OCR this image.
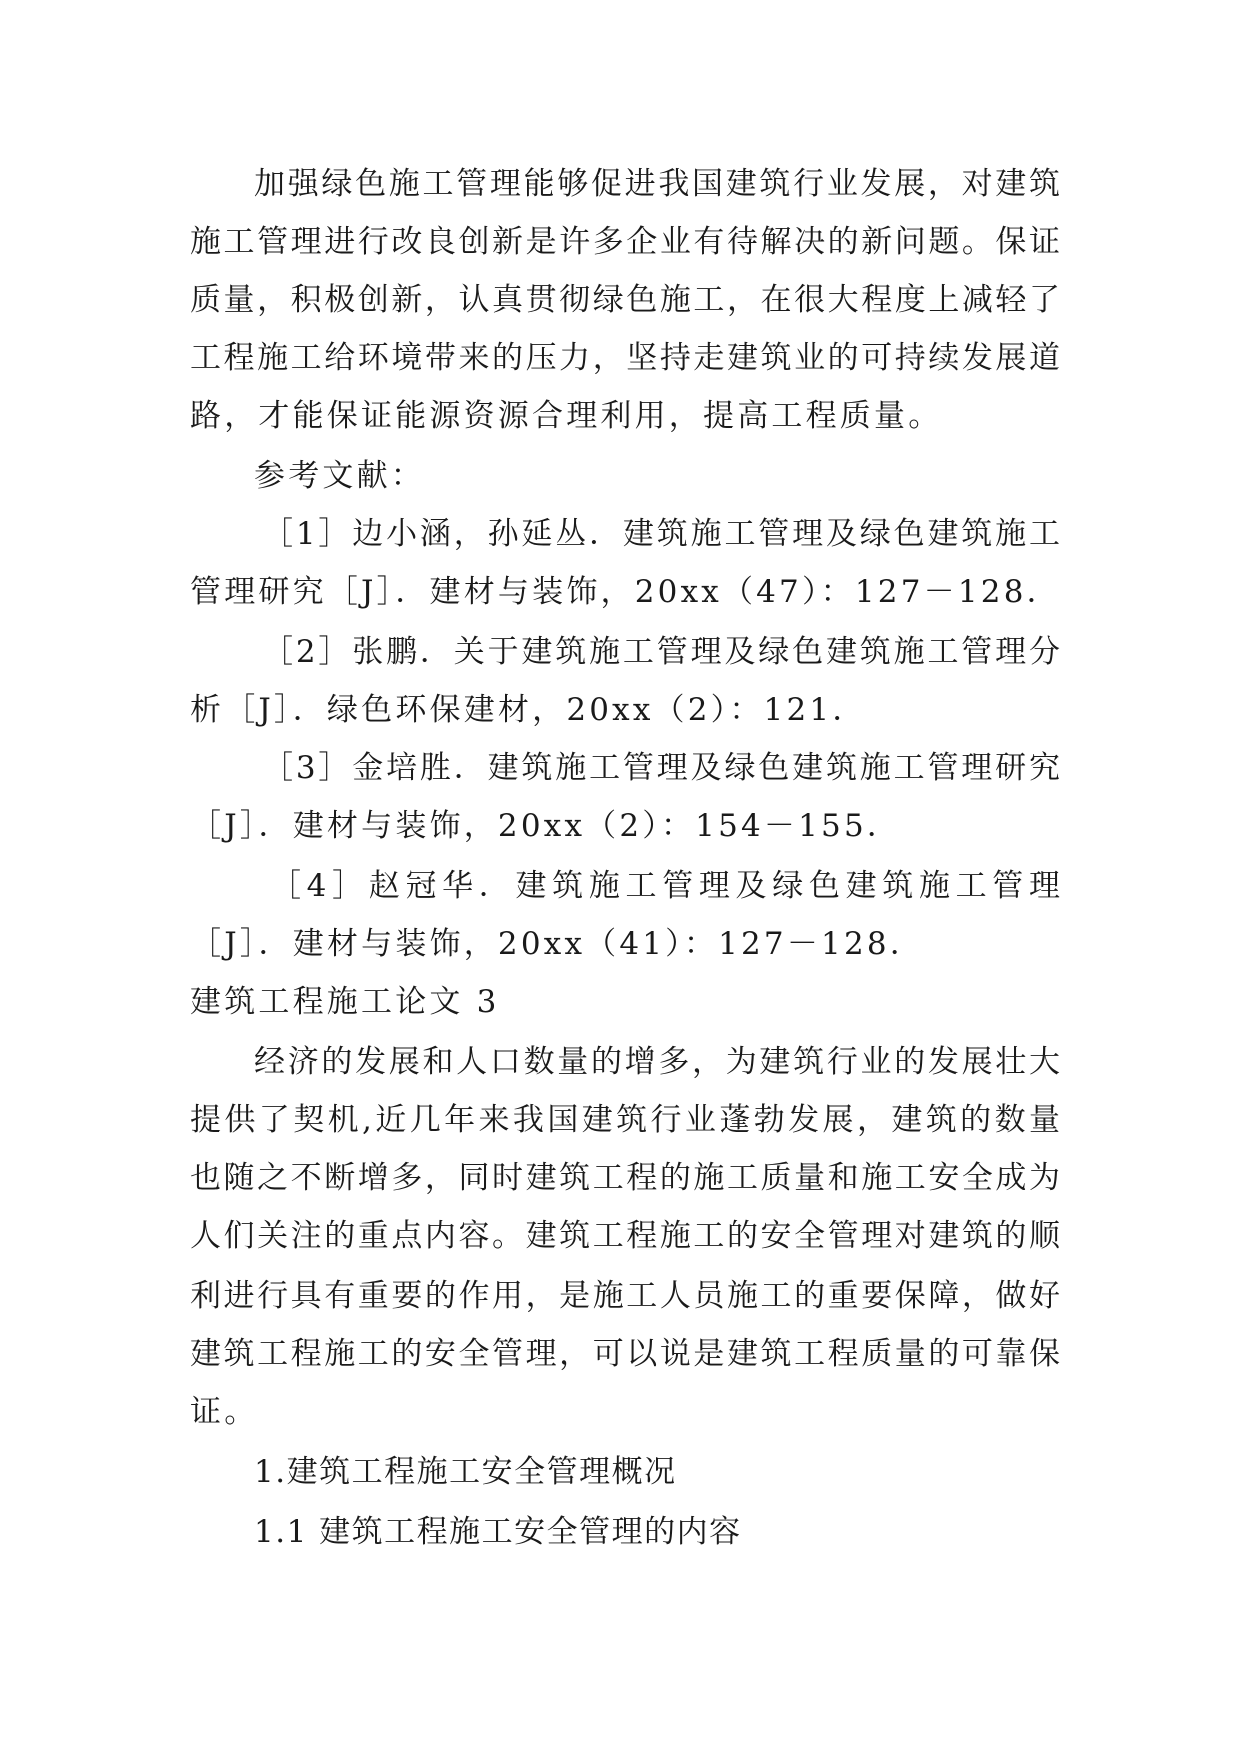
加强绿色施工管理能够促进我国建筑行业发展，对建筑
施工管理进行改良创新是许多企业有待解决的新问题。保证
质量，积极创新，认真贯彻绿色施工，在很大程度上减轻了
工程施工给环境带来的压力，坚持走建筑业的可持续发展道
路，才能保证能源资源合理利用，提高工程质量。
参考文献：
［1］边小涵，孙延丛．建筑施工管理及绿色建筑施工
管理研究［J］．建材与装饰，20xx（47）：127－128．
［2］张鹏．关于建筑施工管理及绿色建筑施工管理分
析［J］．绿色环保建材，20xx（2）：121．
［3］金培胜．建筑施工管理及绿色建筑施工管理研究
［J］．建材与装饰，20xx（2）：154－155．
［4］赵冠华．建筑施工管理及绿色建筑施工管理
［J］．建材与装饰，20xx（41）：127－128．
建筑工程施工论文 3
经济的发展和人口数量的增多，为建筑行业的发展壮大
提供了契机,近几年来我国建筑行业蓬勃发展，建筑的数量
也随之不断增多，同时建筑工程的施工质量和施工安全成为
人们关注的重点内容。建筑工程施工的安全管理对建筑的顺
利进行具有重要的作用，是施工人员施工的重要保障，做好
建筑工程施工的安全管理，可以说是建筑工程质量的可靠保
证。
1.建筑工程施工安全管理概况
1.1 建筑工程施工安全管理的内容
